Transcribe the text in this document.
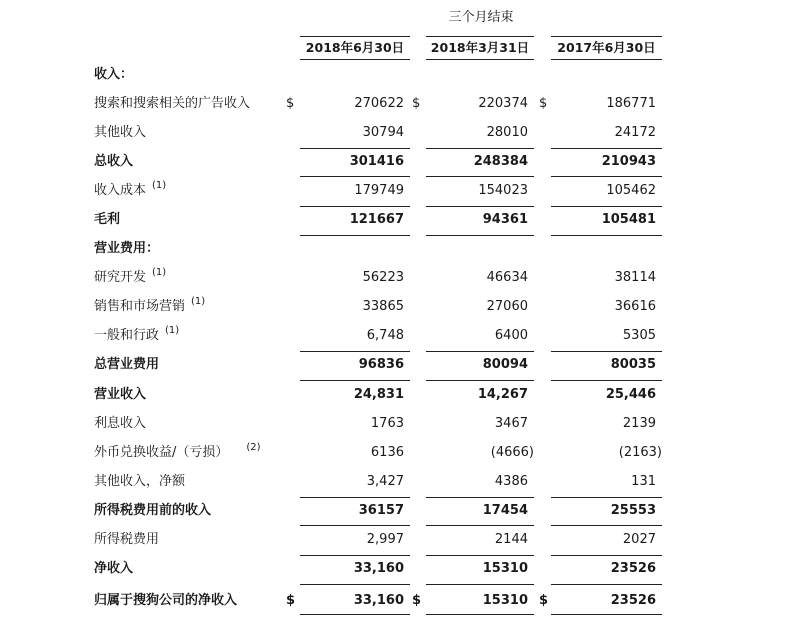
三个月结束
2018年6月30日	2018年3月31日	2017年6月30日
收入：
搜索和搜索相关的广告收入	$	270622 $	220374 $	186771
其他收入	30794	28010	24172
总收入	301416	248384	210943
收入成本 $^{(1)}$	179749	154023	105462
毛利	121667	94361	105481
营业费用：
研究开发 $^{(1)}$	56223	46634	38114
销售和市场营销 $^{(1)}$	33865	27060	36616
一般和行政 $^{(1)}$	6,748	6400	5305
总营业费用	96836	80094	80035
营业收入	24,831	14,267	25,446
利息收入	1763	3467	2139
外币兑换收益/（亏损） $^{(2)}$	6136	(4666)	(2163)
其他收入，净额	3,427	4386	131
所得税费用前的收入	36157	17454	25553
所得税费用	2,997	2144	2027
净收入	33,160	15310	23526
归属于搜狗公司的净收入	$	33,160 $	15310 $	23526
